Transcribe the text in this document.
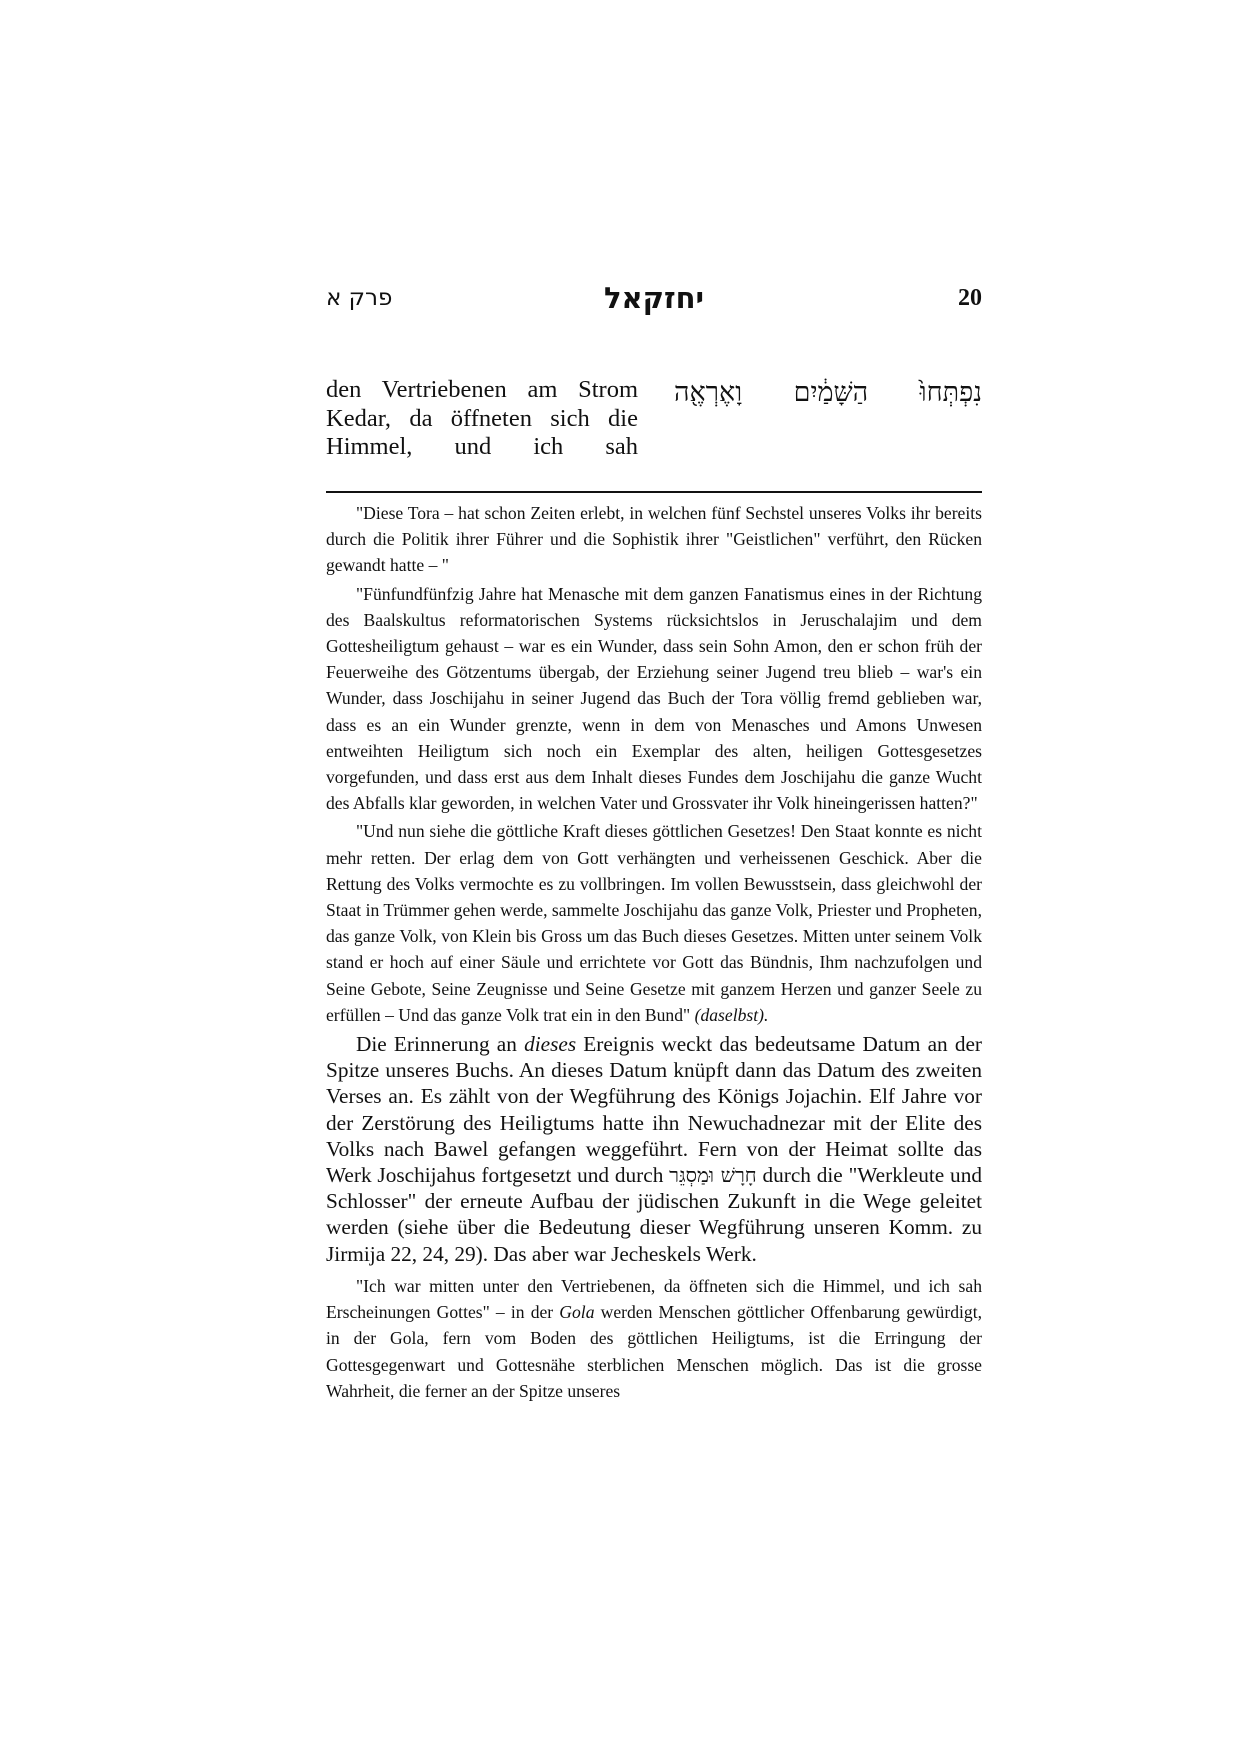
פרק א	יחזקאל	20
den Vertriebenen am Strom Kedar, da öffneten sich die Himmel, und ich sah
נִפְתְּחוּ֙
הַשָּׁמַ֔יִם
וָאֶרְאֶ֖ה

"Diese Tora – hat schon Zeiten erlebt, in welchen fünf Sechstel unseres Volks ihr bereits durch die Politik ihrer Führer und die Sophistik ihrer "Geistlichen" verführt, den Rücken gewandt hatte – "

"Fünfundfünfzig Jahre hat Menasche mit dem ganzen Fanatismus eines in der Richtung des Baalskultus reformatorischen Systems rücksichtslos in Jeruschalajim und dem Gottesheiligtum gehaust – war es ein Wunder, dass sein Sohn Amon, den er schon früh der Feuerweihe des Götzentums übergab, der Erziehung seiner Jugend treu blieb – war's ein Wunder, dass Joschijahu in seiner Jugend das Buch der Tora völlig fremd geblieben war, dass es an ein Wunder grenzte, wenn in dem von Menasches und Amons Unwesen entweihten Heiligtum sich noch ein Exemplar des alten, heiligen Gottesgesetzes vorgefunden, und dass erst aus dem Inhalt dieses Fundes dem Joschijahu die ganze Wucht des Abfalls klar geworden, in welchen Vater und Grossvater ihr Volk hineingerissen hatten?"

"Und nun siehe die göttliche Kraft dieses göttlichen Gesetzes! Den Staat konnte es nicht mehr retten. Der erlag dem von Gott verhängten und verheissenen Geschick. Aber die Rettung des Volks vermochte es zu vollbringen. Im vollen Bewusstsein, dass gleichwohl der Staat in Trümmer gehen werde, sammelte Joschijahu das ganze Volk, Priester und Propheten, das ganze Volk, von Klein bis Gross um das Buch dieses Gesetzes. Mitten unter seinem Volk stand er hoch auf einer Säule und errichtete vor Gott das Bündnis, Ihm nachzufolgen und Seine Gebote, Seine Zeugnisse und Seine Gesetze mit ganzem Herzen und ganzer Seele zu erfüllen – Und das ganze Volk trat ein in den Bund" (daselbst).

Die Erinnerung an dieses Ereignis weckt das bedeutsame Datum an der Spitze unseres Buchs. An dieses Datum knüpft dann das Datum des zweiten Verses an. Es zählt von der Wegführung des Königs Jojachin. Elf Jahre vor der Zerstörung des Heiligtums hatte ihn Newuchadnezar mit der Elite des Volks nach Bawel gefangen weggeführt. Fern von der Heimat sollte das Werk Joschijahus fortgesetzt und durch חָרָשׁ וּמַסְגֵּר durch die "Werkleute und Schlosser" der erneute Aufbau der jüdischen Zukunft in die Wege geleitet werden (siehe über die Bedeutung dieser Wegführung unseren Komm. zu Jirmija 22, 24, 29). Das aber war Jecheskels Werk.

"Ich war mitten unter den Vertriebenen, da öffneten sich die Himmel, und ich sah Erscheinungen Gottes" – in der Gola werden Menschen göttlicher Offenbarung gewürdigt, in der Gola, fern vom Boden des göttlichen Heiligtums, ist die Erringung der Gottesgegenwart und Gottesnähe sterblichen Menschen möglich. Das ist die grosse Wahrheit, die ferner an der Spitze unseres
